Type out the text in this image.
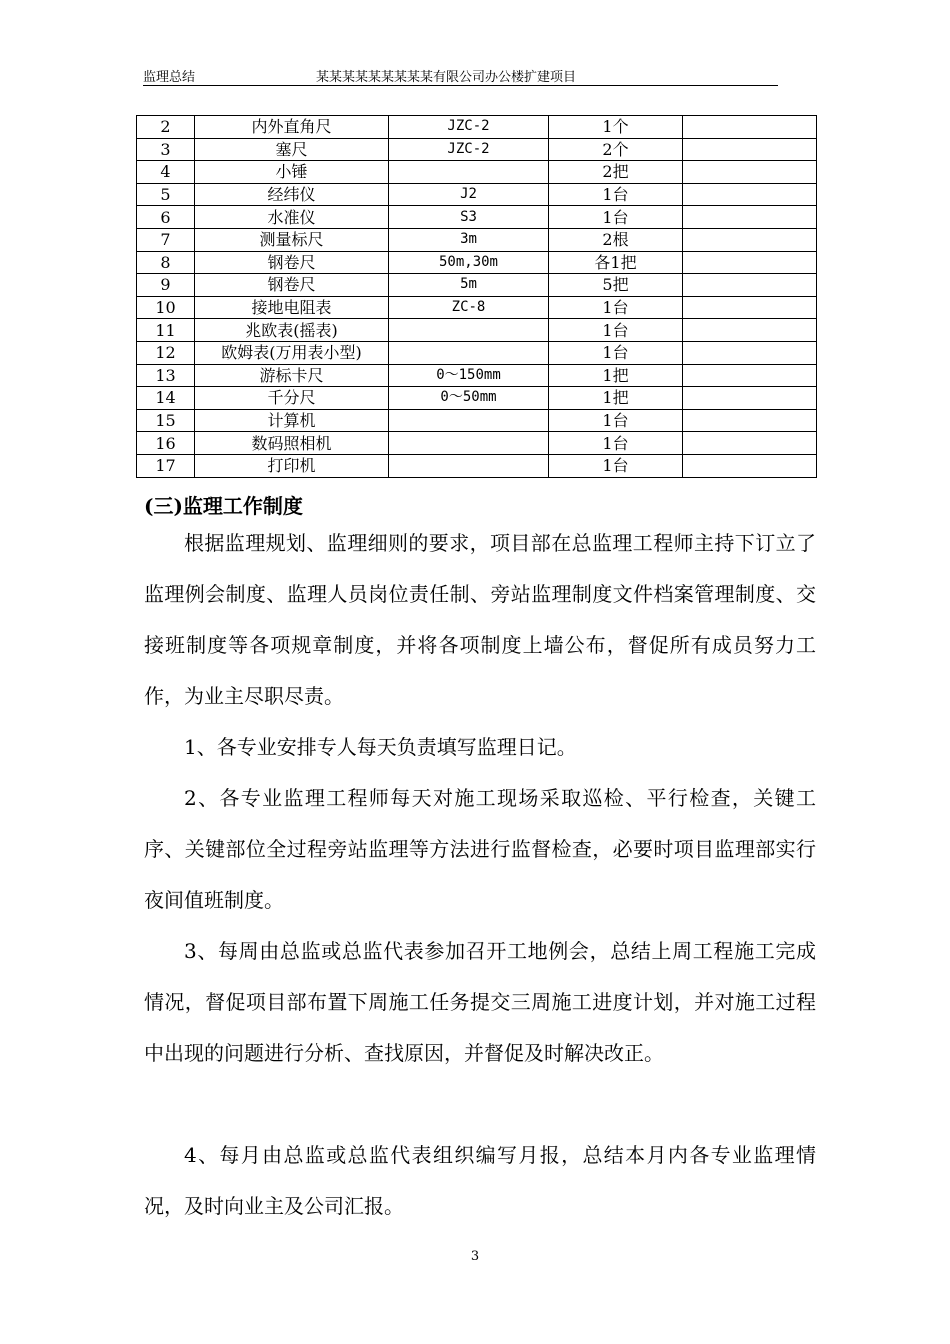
监理总结	某某某某某某某某某有限公司办公楼扩建项目
2	内外直角尺	JZC-2	1个	
3	塞尺	JZC-2	2个	
4	小锤		2把	
5	经纬仪	J2	1台	
6	水准仪	S3	1台	
7	测量标尺	3m	2根	
8	钢卷尺	50m,30m	各1把	
9	钢卷尺	5m	5把	
10	接地电阻表	ZC-8	1台	
11	兆欧表(摇表)		1台	
12	欧姆表(万用表小型)		1台	
13	游标卡尺	0～150mm	1把	
14	千分尺	0～50mm	1把	
15	计算机		1台	
16	数码照相机		1台	
17	打印机		1台	
(三)监理工作制度

根据监理规划、监理细则的要求，项目部在总监理工程师主持下订立了监理例会制度、监理人员岗位责任制、旁站监理制度文件档案管理制度、交接班制度等各项规章制度，并将各项制度上墙公布，督促所有成员努力工作，为业主尽职尽责。

1、各专业安排专人每天负责填写监理日记。

2、各专业监理工程师每天对施工现场采取巡检、平行检查，关键工序、关键部位全过程旁站监理等方法进行监督检查，必要时项目监理部实行夜间值班制度。

3、每周由总监或总监代表参加召开工地例会，总结上周工程施工完成情况，督促项目部布置下周施工任务提交三周施工进度计划，并对施工过程中出现的问题进行分析、查找原因，并督促及时解决改正。

4、每月由总监或总监代表组织编写月报，总结本月内各专业监理情况，及时向业主及公司汇报。

3
